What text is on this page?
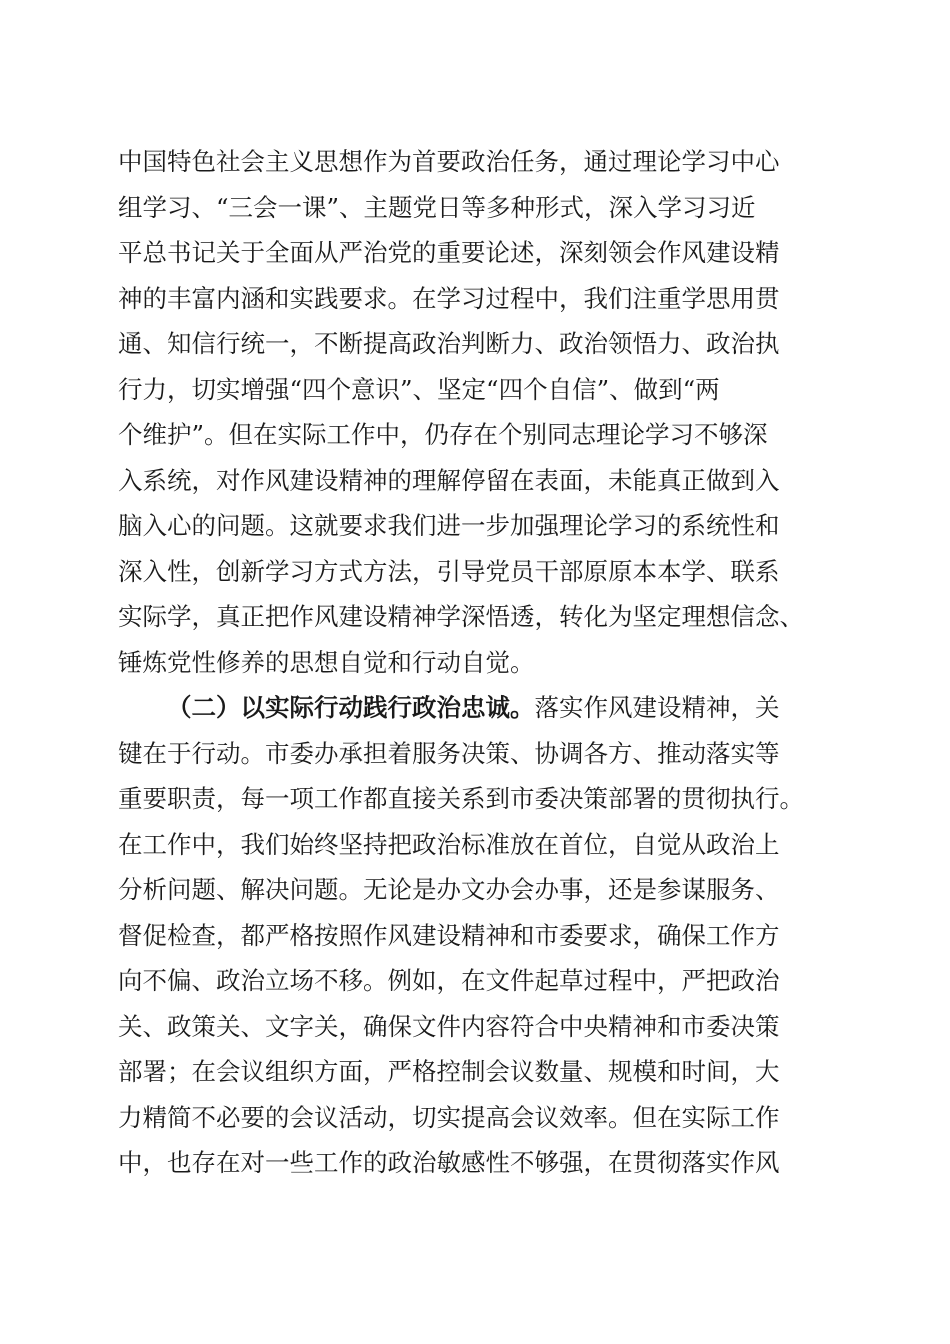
中国特色社会主义思想作为首要政治任务，通过理论学习中心
组学习、“三会一课”、主题党日等多种形式，深入学习习近
平总书记关于全面从严治党的重要论述，深刻领会作风建设精
神的丰富内涵和实践要求。在学习过程中，我们注重学思用贯
通、知信行统一，不断提高政治判断力、政治领悟力、政治执
行力，切实增强“四个意识”、坚定“四个自信”、做到“两
个维护”。但在实际工作中，仍存在个别同志理论学习不够深
入系统，对作风建设精神的理解停留在表面，未能真正做到入
脑入心的问题。这就要求我们进一步加强理论学习的系统性和
深入性，创新学习方式方法，引导党员干部原原本本学、联系
实际学，真正把作风建设精神学深悟透，转化为坚定理想信念、
锤炼党性修养的思想自觉和行动自觉。
（二）以实际行动践行政治忠诚。落实作风建设精神，关
键在于行动。市委办承担着服务决策、协调各方、推动落实等
重要职责，每一项工作都直接关系到市委决策部署的贯彻执行。
在工作中，我们始终坚持把政治标准放在首位，自觉从政治上
分析问题、解决问题。无论是办文办会办事，还是参谋服务、
督促检查，都严格按照作风建设精神和市委要求，确保工作方
向不偏、政治立场不移。例如，在文件起草过程中，严把政治
关、政策关、文字关，确保文件内容符合中央精神和市委决策
部署；在会议组织方面，严格控制会议数量、规模和时间，大
力精简不必要的会议活动，切实提高会议效率。但在实际工作
中，也存在对一些工作的政治敏感性不够强，在贯彻落实作风
